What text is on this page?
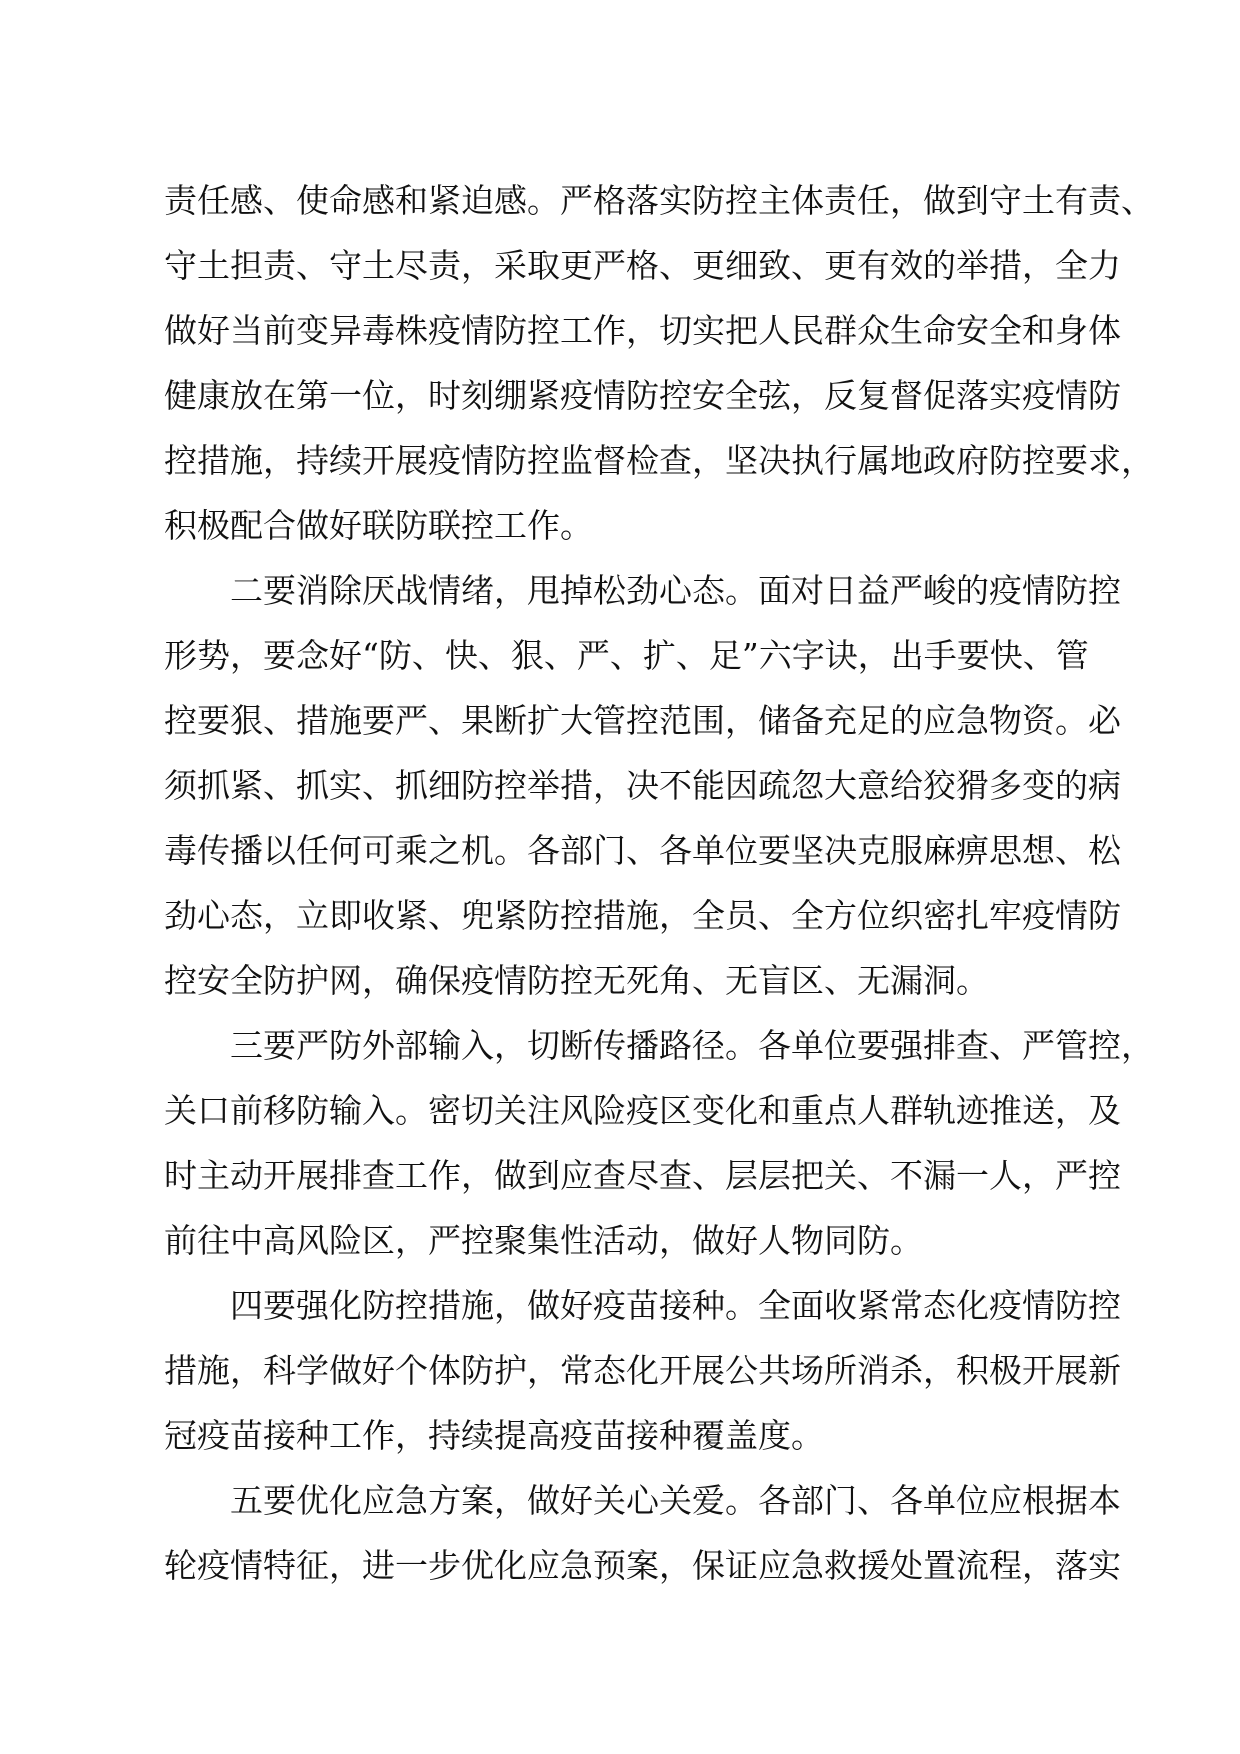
责任感、使命感和紧迫感。严格落实防控主体责任，做到守土有责、
守土担责、守土尽责，采取更严格、更细致、更有效的举措，全力
做好当前变异毒株疫情防控工作，切实把人民群众生命安全和身体
健康放在第一位，时刻绷紧疫情防控安全弦，反复督促落实疫情防
控措施，持续开展疫情防控监督检查，坚决执行属地政府防控要求，
积极配合做好联防联控工作。
二要消除厌战情绪，甩掉松劲心态。面对日益严峻的疫情防控
形势，要念好“防、快、狠、严、扩、足”六字诀，出手要快、管
控要狠、措施要严、果断扩大管控范围，储备充足的应急物资。必
须抓紧、抓实、抓细防控举措，决不能因疏忽大意给狡猾多变的病
毒传播以任何可乘之机。各部门、各单位要坚决克服麻痹思想、松
劲心态，立即收紧、兜紧防控措施，全员、全方位织密扎牢疫情防
控安全防护网，确保疫情防控无死角、无盲区、无漏洞。
三要严防外部输入，切断传播路径。各单位要强排查、严管控，
关口前移防输入。密切关注风险疫区变化和重点人群轨迹推送，及
时主动开展排查工作，做到应查尽查、层层把关、不漏一人，严控
前往中高风险区，严控聚集性活动，做好人物同防。
四要强化防控措施，做好疫苗接种。全面收紧常态化疫情防控
措施，科学做好个体防护，常态化开展公共场所消杀，积极开展新
冠疫苗接种工作，持续提高疫苗接种覆盖度。
五要优化应急方案，做好关心关爱。各部门、各单位应根据本
轮疫情特征，进一步优化应急预案，保证应急救援处置流程，落实
